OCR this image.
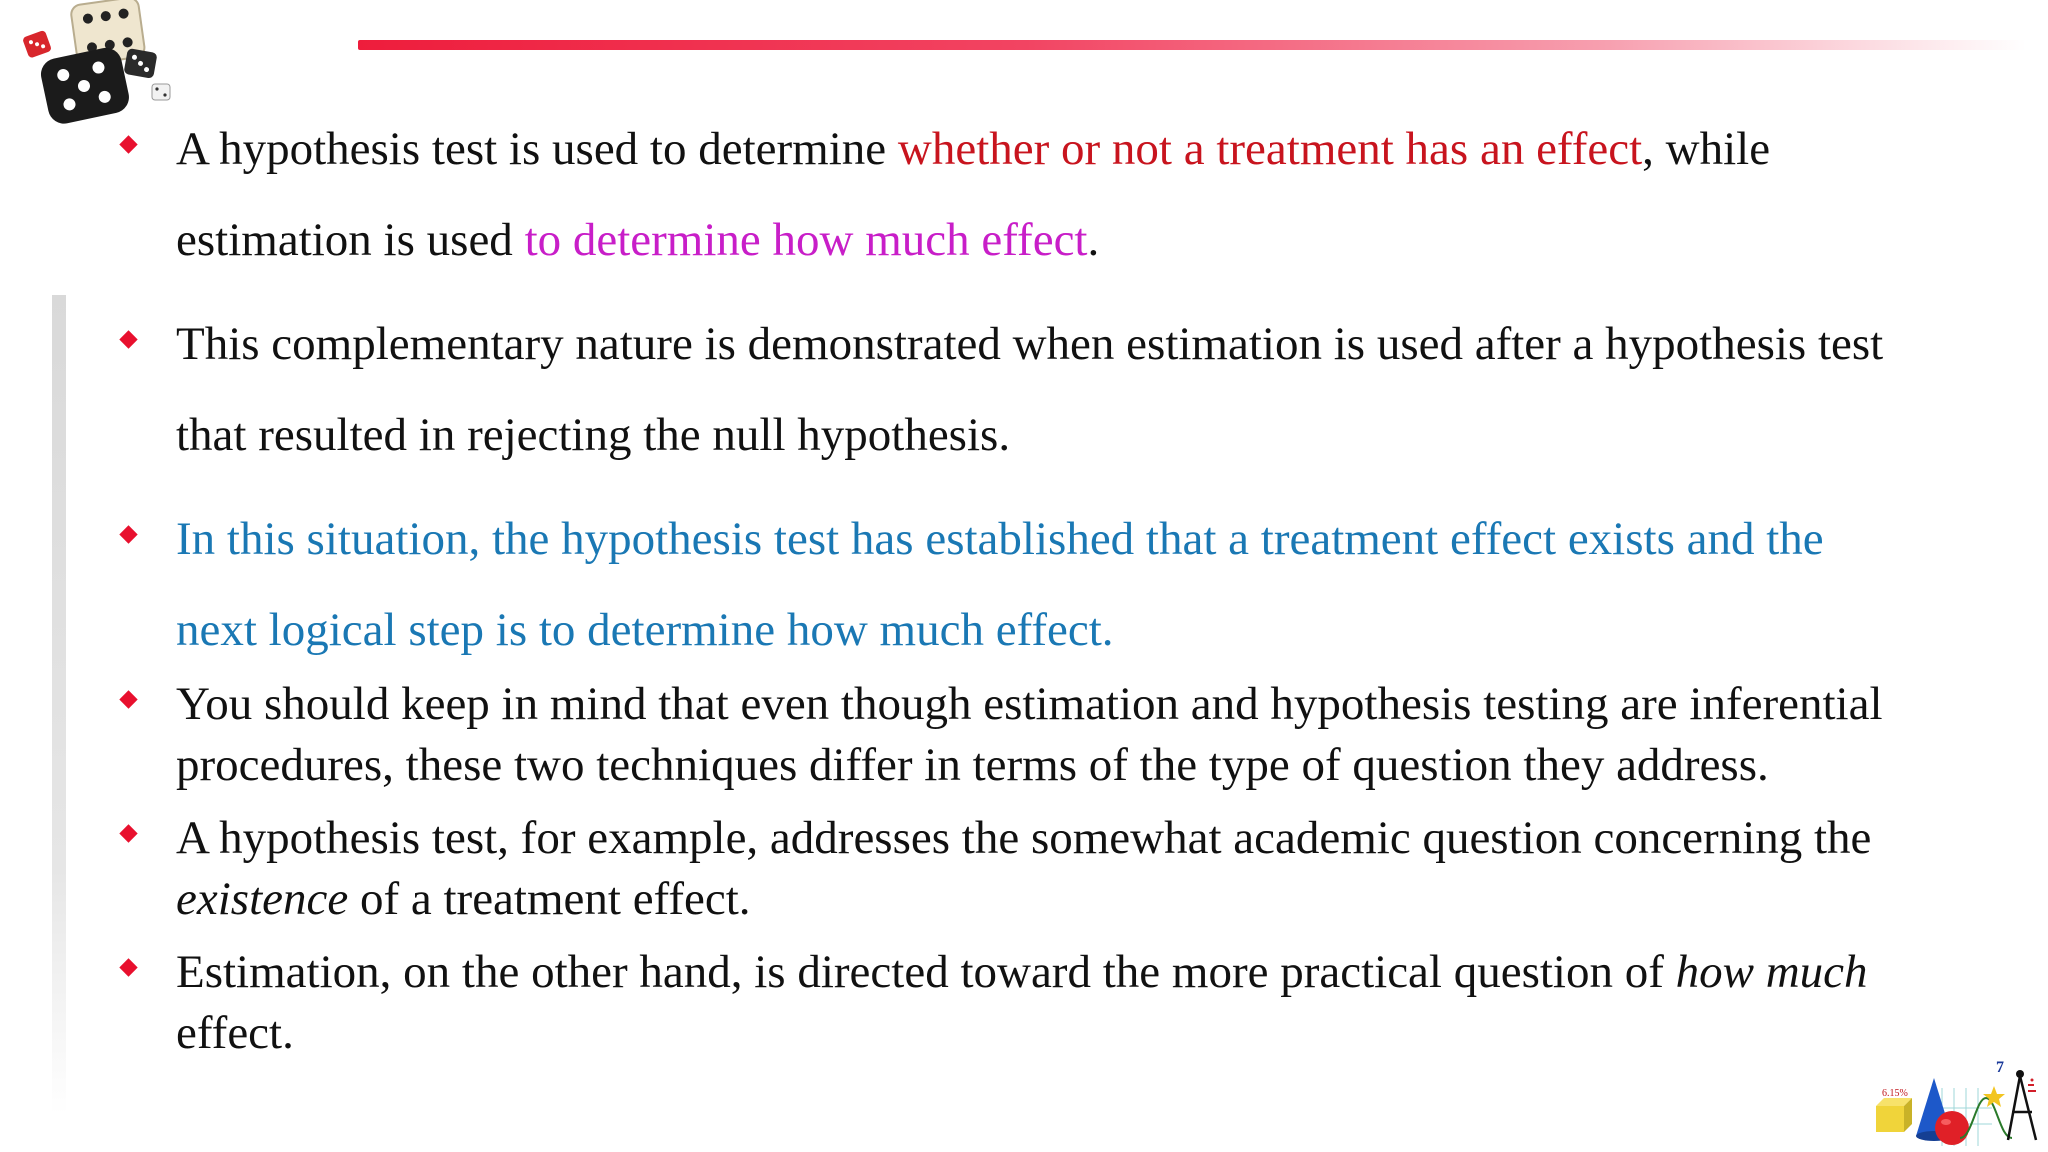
A hypothesis test is used to determine whether or not a treatment has an effect, while
estimation is used to determine how much effect.
This complementary nature is demonstrated when estimation is used after a hypothesis test
that resulted in rejecting the null hypothesis.
In this situation, the hypothesis test has established that a treatment effect exists and the
next logical step is to determine how much effect.
You should keep in mind that even though estimation and hypothesis testing are inferential
procedures, these two techniques differ in terms of the type of question they address.
A hypothesis test, for example, addresses the somewhat academic question concerning the
existence of a treatment effect.
Estimation, on the other hand, is directed toward the more practical question of how much
effect.
6.15%
7
